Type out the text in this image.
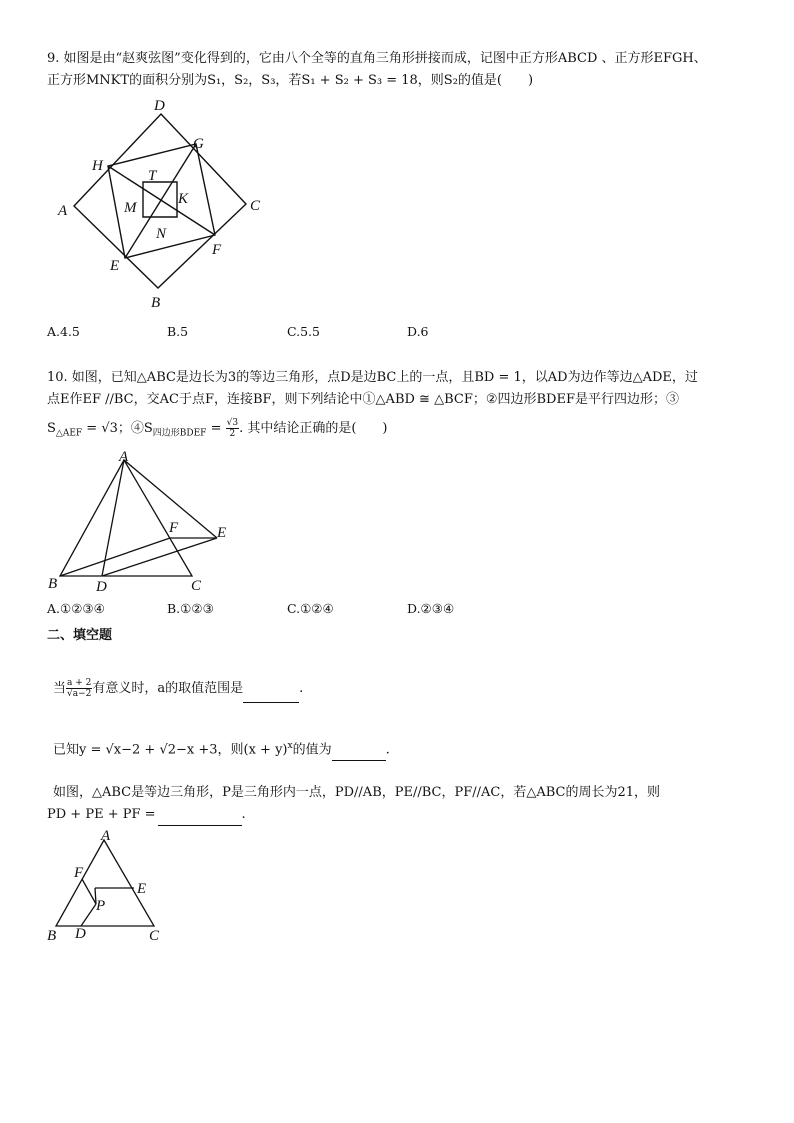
9. 如图是由“赵爽弦图”变化得到的，它由八个全等的直角三角形拼接而成，记图中正方形ABCD 、正方形EFGH、
正方形MNKT的面积分别为S₁，S₂，S₃，若S₁ + S₂ + S₃ = 18，则S₂的值是(　　)
D
G
H
T
K
M
A	C
N
F
E
B
A.4.5	B.5	C.5.5	D.6
10. 如图，已知△ABC是边长为3的等边三角形，点D是边BC上的一点，且BD = 1，以AD为边作等边△ADE，过
点E作EF //BC，交AC于点F，连接BF，则下列结论中①△ABD ≅ △BCF；②四边形BDEF是平行四边形；③
$S_{\triangle AEF} = √3$；$④S_{四边形BDEF} = \frac{√3}{2}$ . 其中结论正确的是(　　)
A
F	E
B	D	C
A.①②③④	B.①②③	C.①②④	D.②③④
二、填空题
当 $\frac{a + 2}{√a-2}$ 有意义时，a的取值范围是	.
已知y = √x−2 + √2−x +3，则$(x + y)^x$的值为	.
如图，△ABC是等边三角形，P是三角形内一点，PD//AB，PE//BC，PF//AC，若△ABC的周长为21，则
PD + PE + PF =	.
A
F
E
P
B D	C
